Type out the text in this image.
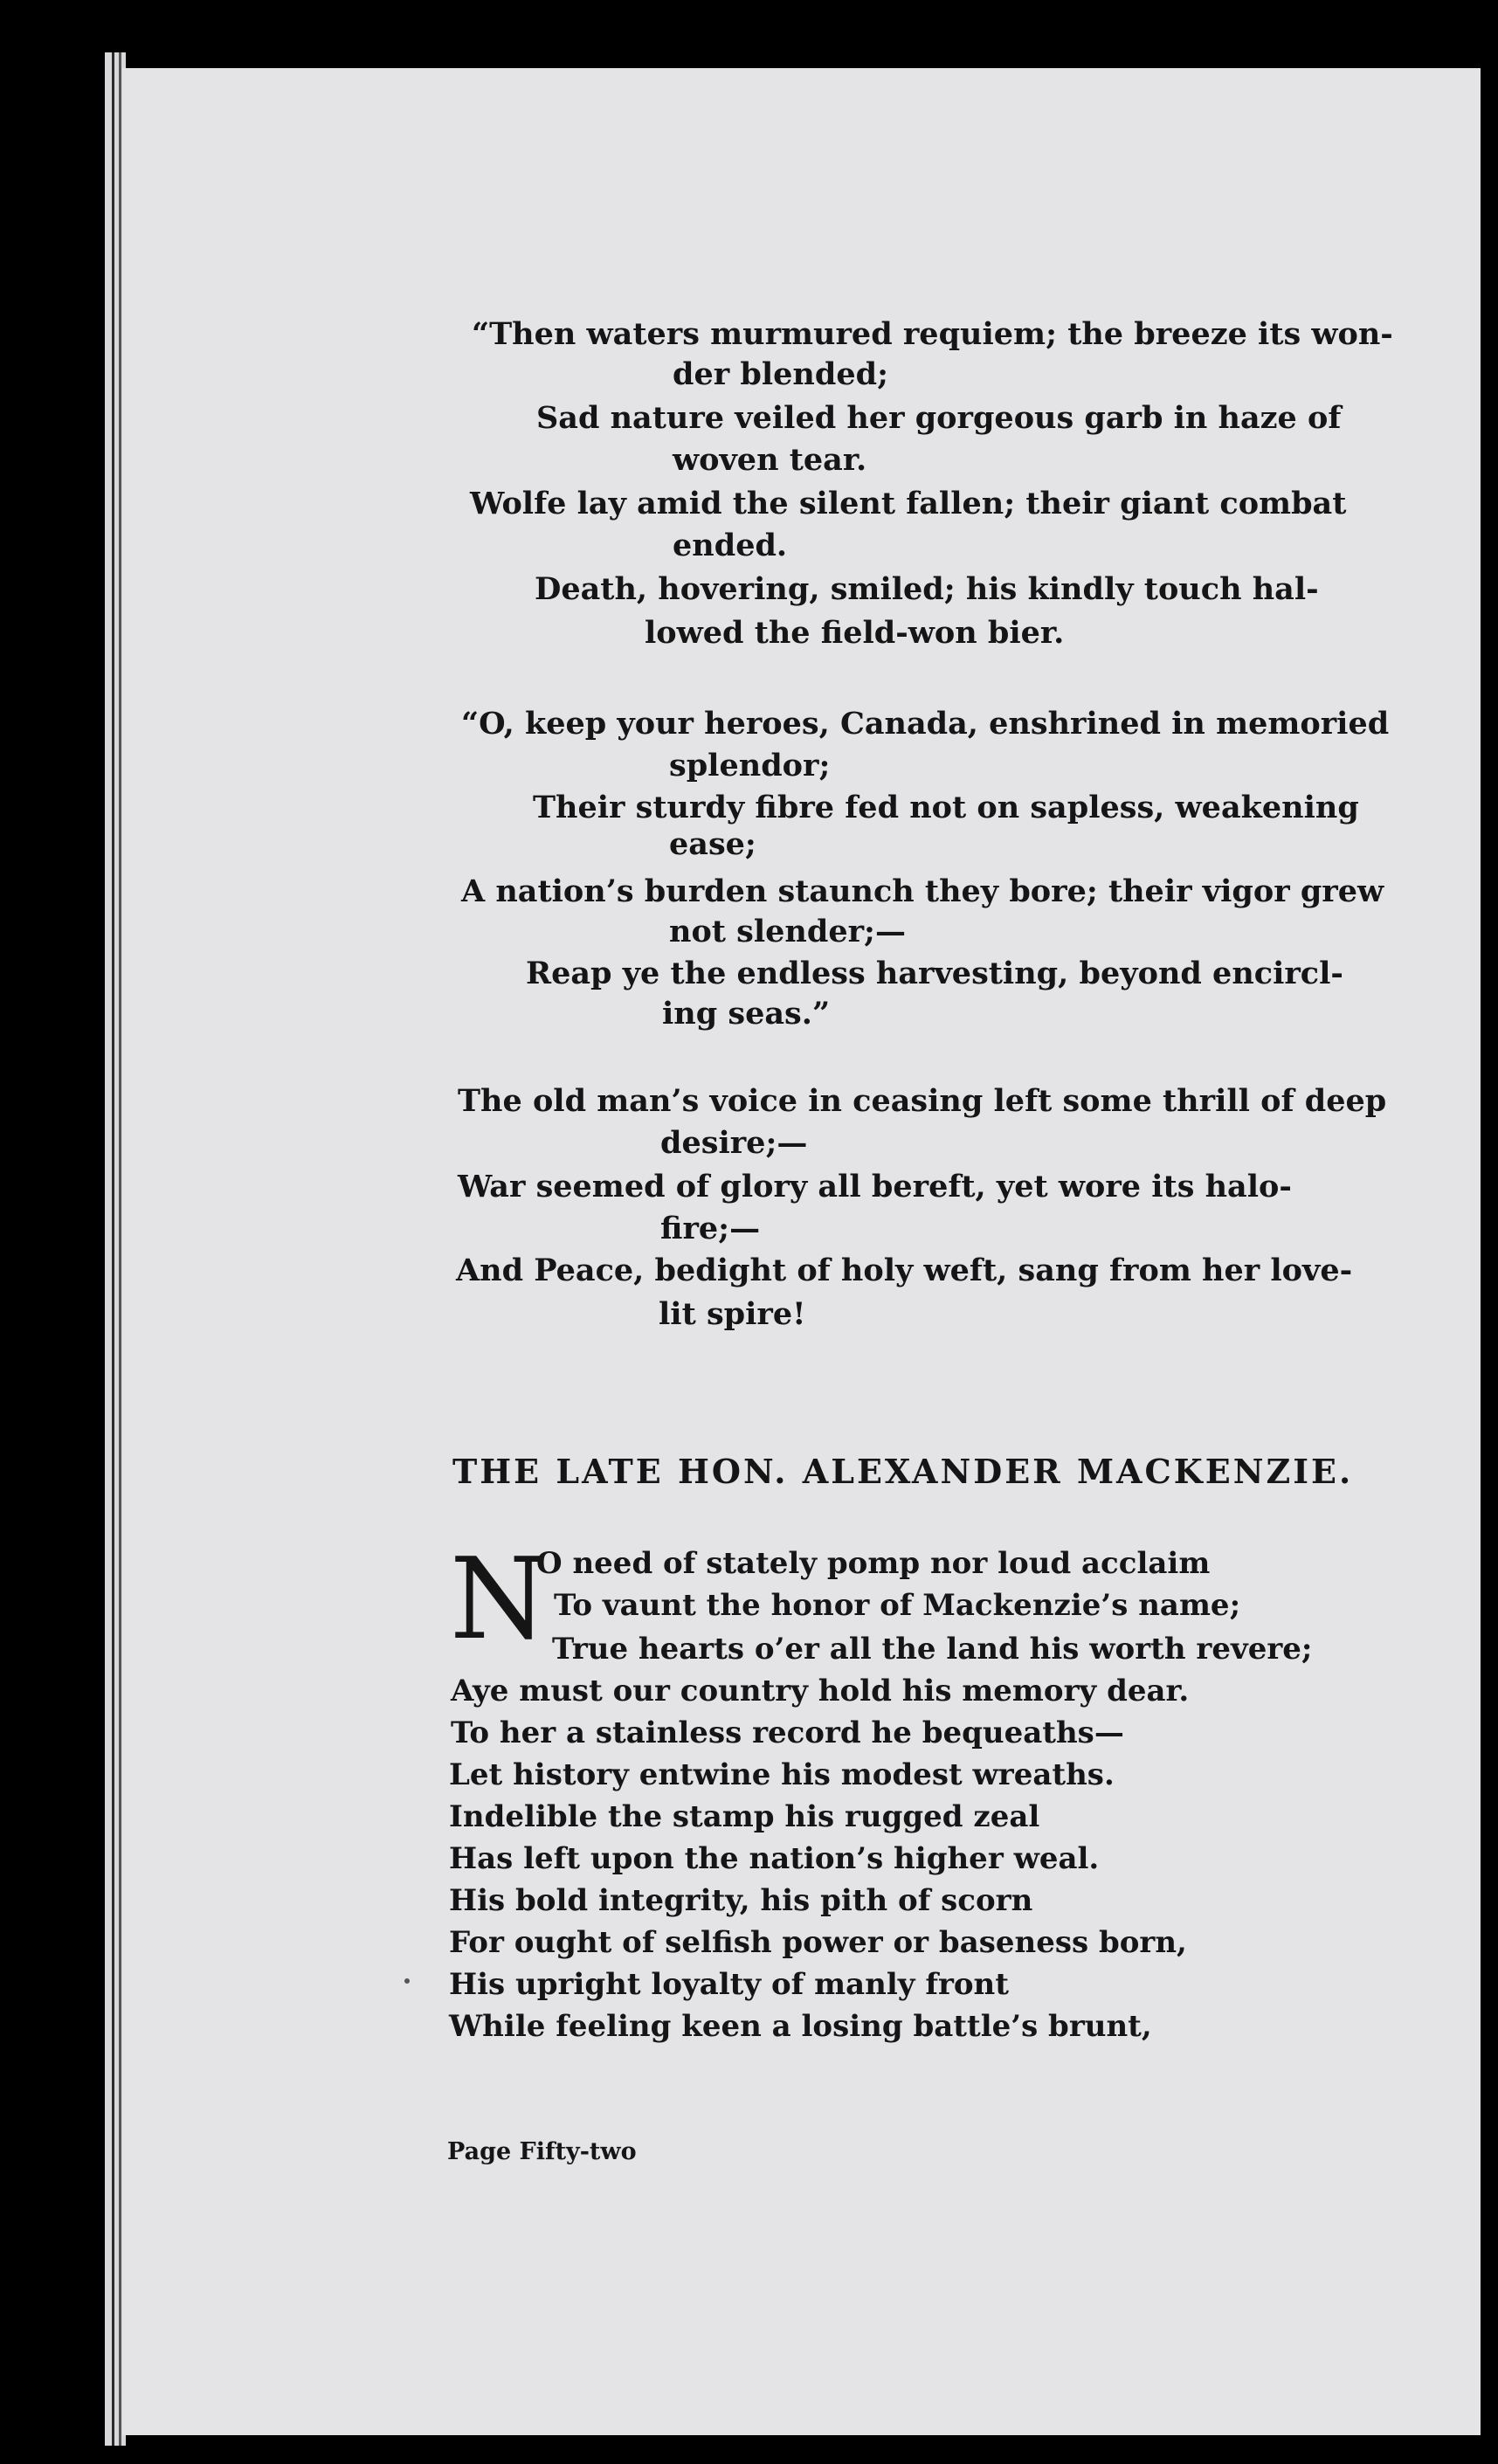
“Then waters murmured requiem; the breeze its won-
der blended;
Sad nature veiled her gorgeous garb in haze of
woven tear.
Wolfe lay amid the silent fallen; their giant combat
ended.
Death, hovering, smiled; his kindly touch hal-
lowed the field-won bier.
“O, keep your heroes, Canada, enshrined in memoried
splendor;
Their sturdy fibre fed not on sapless, weakening
ease;
A nation’s burden staunch they bore; their vigor grew
not slender;—
Reap ye the endless harvesting, beyond encircl-
ing seas.”
The old man’s voice in ceasing left some thrill of deep
desire;—
War seemed of glory all bereft, yet wore its halo-
fire;—
And Peace, bedight of holy weft, sang from her love-
lit spire!
THE LATE HON. ALEXANDER MACKENZIE.
N
O need of stately pomp nor loud acclaim
To vaunt the honor of Mackenzie’s name;
True hearts o’er all the land his worth revere;
Aye must our country hold his memory dear.
To her a stainless record he bequeaths—
Let history entwine his modest wreaths.
Indelible the stamp his rugged zeal
Has left upon the nation’s higher weal.
His bold integrity, his pith of scorn
For ought of selfish power or baseness born,
His upright loyalty of manly front
While feeling keen a losing battle’s brunt,
Page Fifty-two
